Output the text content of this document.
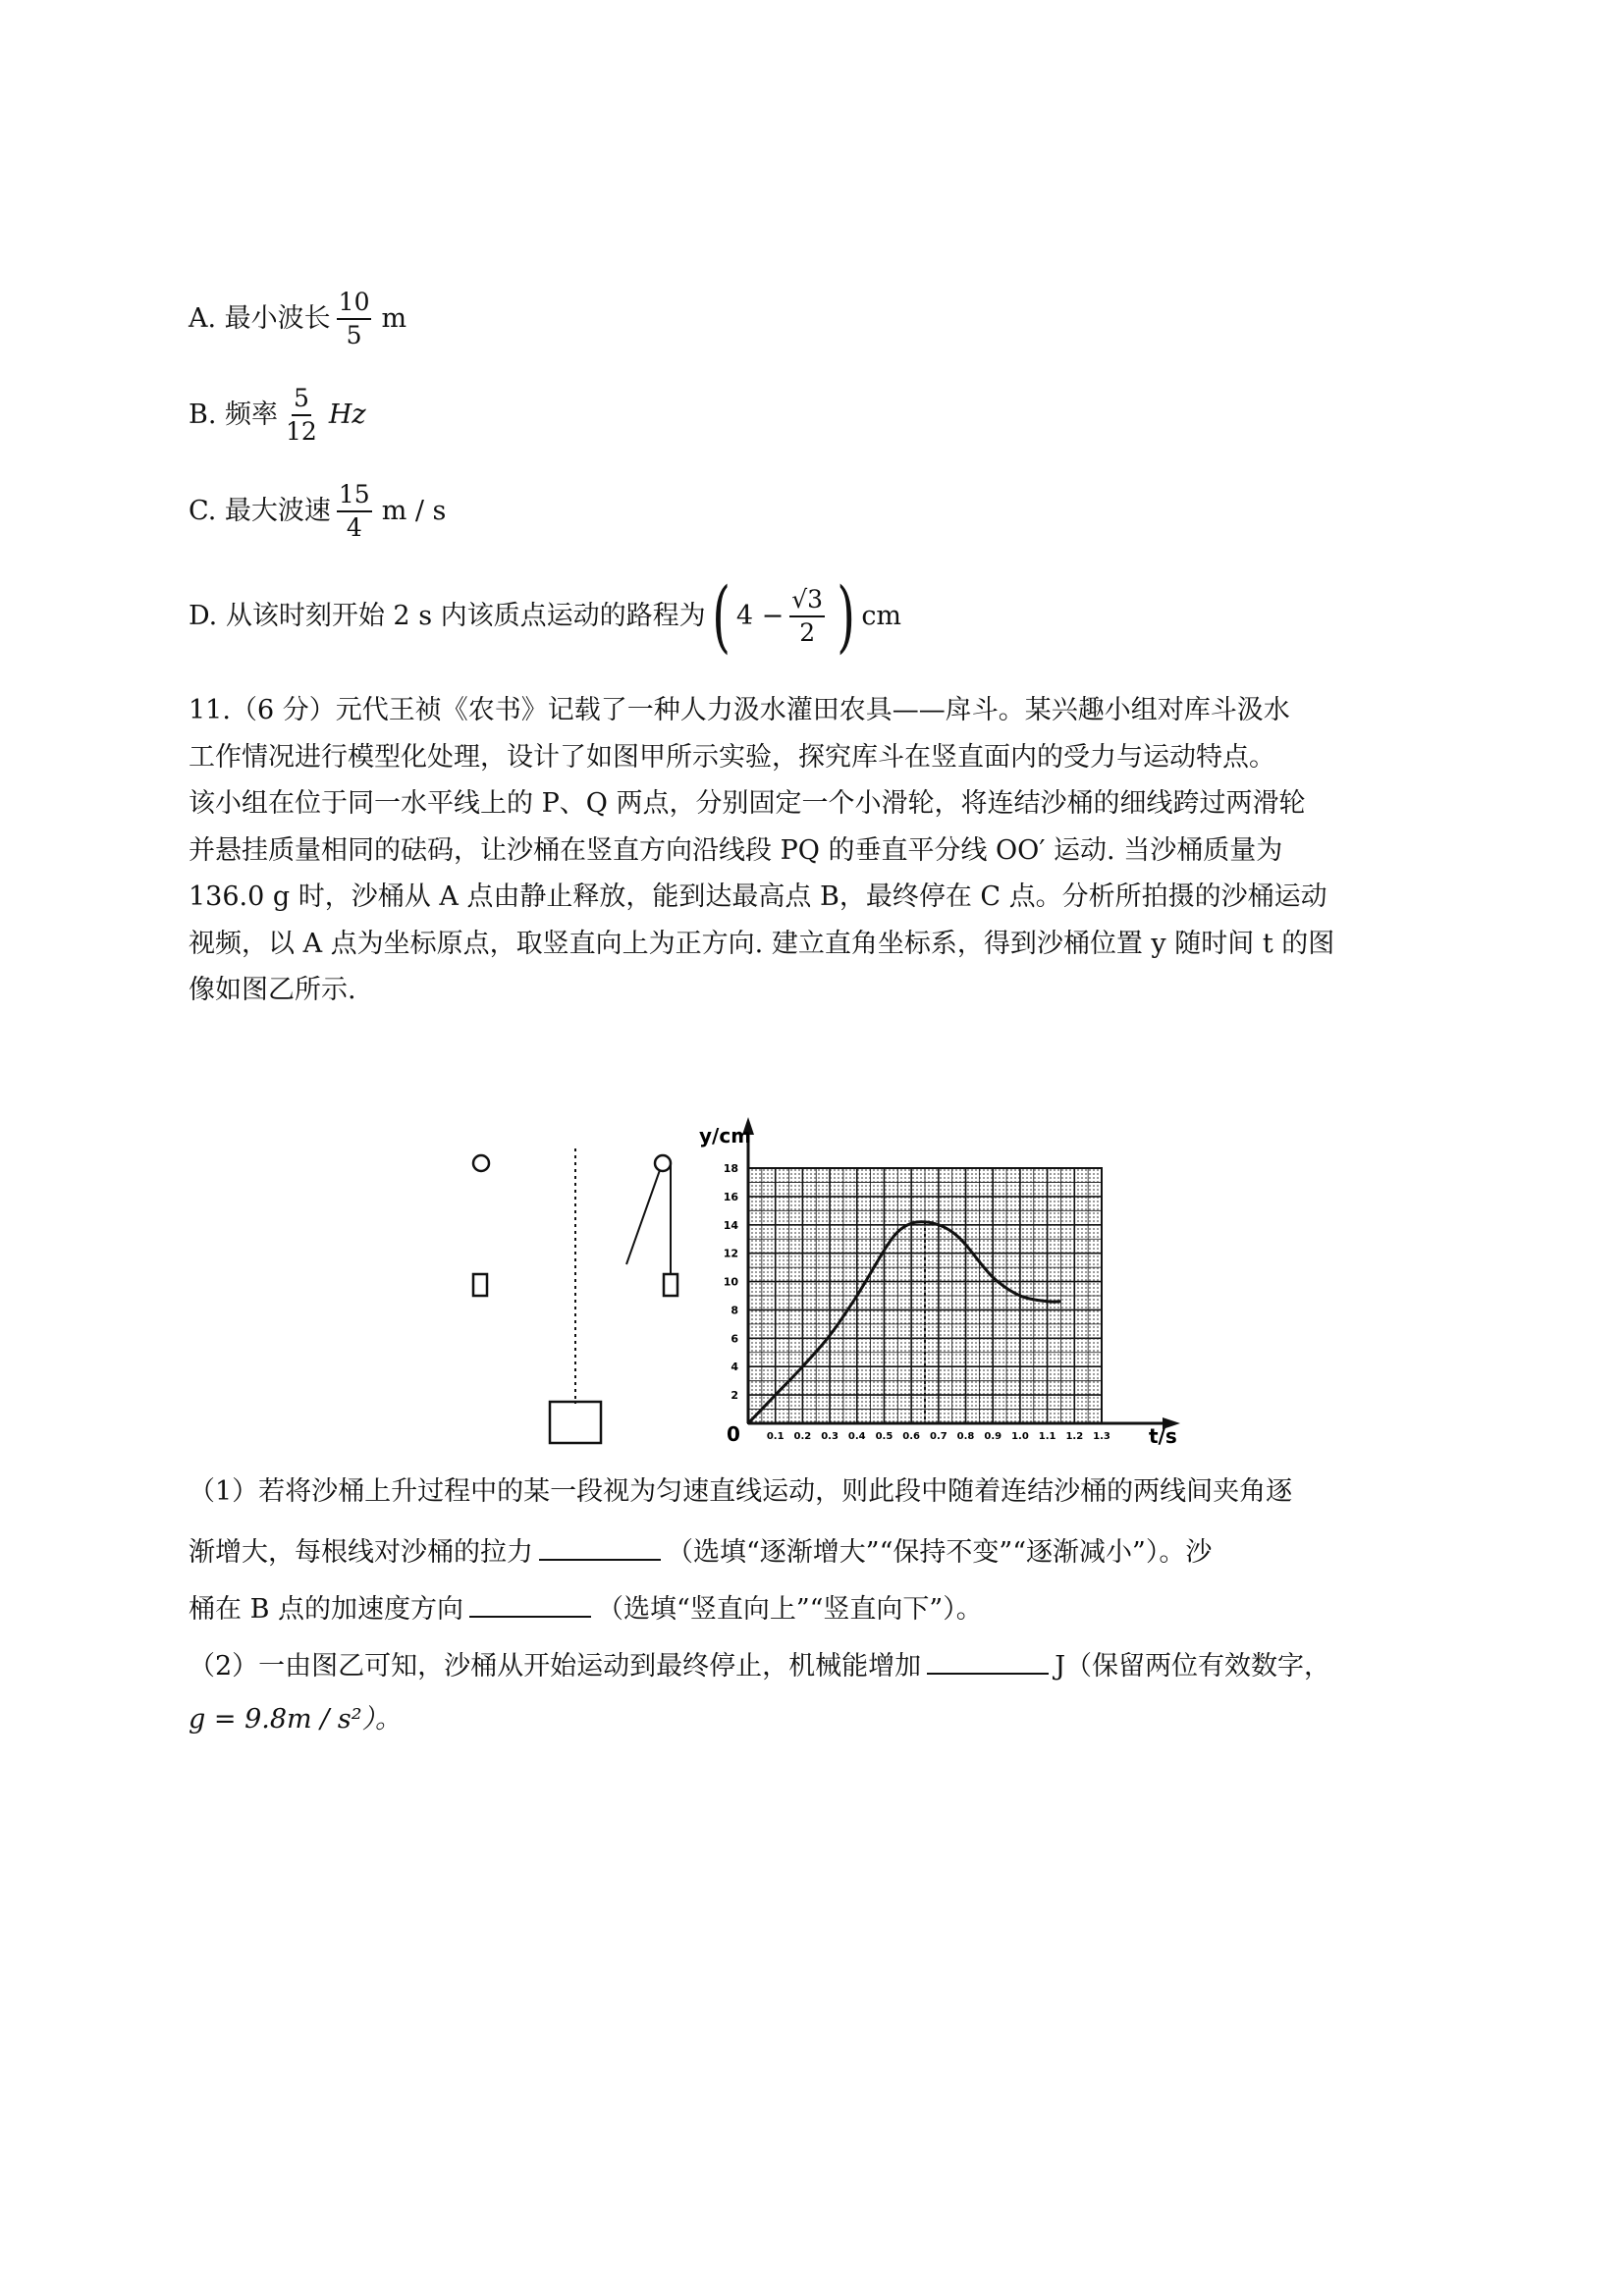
A. 最小波长 $\frac{10}{5}$ m
B. 频率 $\frac{5}{12}$ Hz
C. 最大波速 $\frac{15}{4}$ m / s
D. 从该时刻开始 2 s 内该质点运动的路程为 ( $4 - \frac{√3}{2}$ ) cm
11.（6 分）元代王祯《农书》记载了一种人力汲水灌田农具——戽斗。某兴趣小组对库斗汲水
工作情况进行模型化处理，设计了如图甲所示实验，探究库斗在竖直面内的受力与运动特点。
该小组在位于同一水平线上的 P、Q 两点，分别固定一个小滑轮，将连结沙桶的细线跨过两滑轮
并悬挂质量相同的砝码，让沙桶在竖直方向沿线段 PQ 的垂直平分线 OO′ 运动. 当沙桶质量为
136.0 g 时，沙桶从 A 点由静止释放，能到达最高点 B，最终停在 C 点。分析所拍摄的沙桶运动
视频，以 A 点为坐标原点，取竖直向上为正方向. 建立直角坐标系，得到沙桶位置 y 随时间 t 的图
像如图乙所示.
0.1 0.2 0.3 0.4 0.5 0.6 0.7 0.8 0.9 1.0 1.1 1.2 1.3
2
4
6
8
10
12
14
16
18
y/cm
t/s
0
（1）若将沙桶上升过程中的某一段视为匀速直线运动，则此段中随着连结沙桶的两线间夹角逐
渐增大，每根线对沙桶的拉力	（选填“逐渐增大”“保持不变”“逐渐减小”）。沙
桶在 B 点的加速度方向	（选填“竖直向上”“竖直向下”）。
（2）一由图乙可知，沙桶从开始运动到最终停止，机械能增加	J（保留两位有效数字，
g = 9.8m / s²）。
